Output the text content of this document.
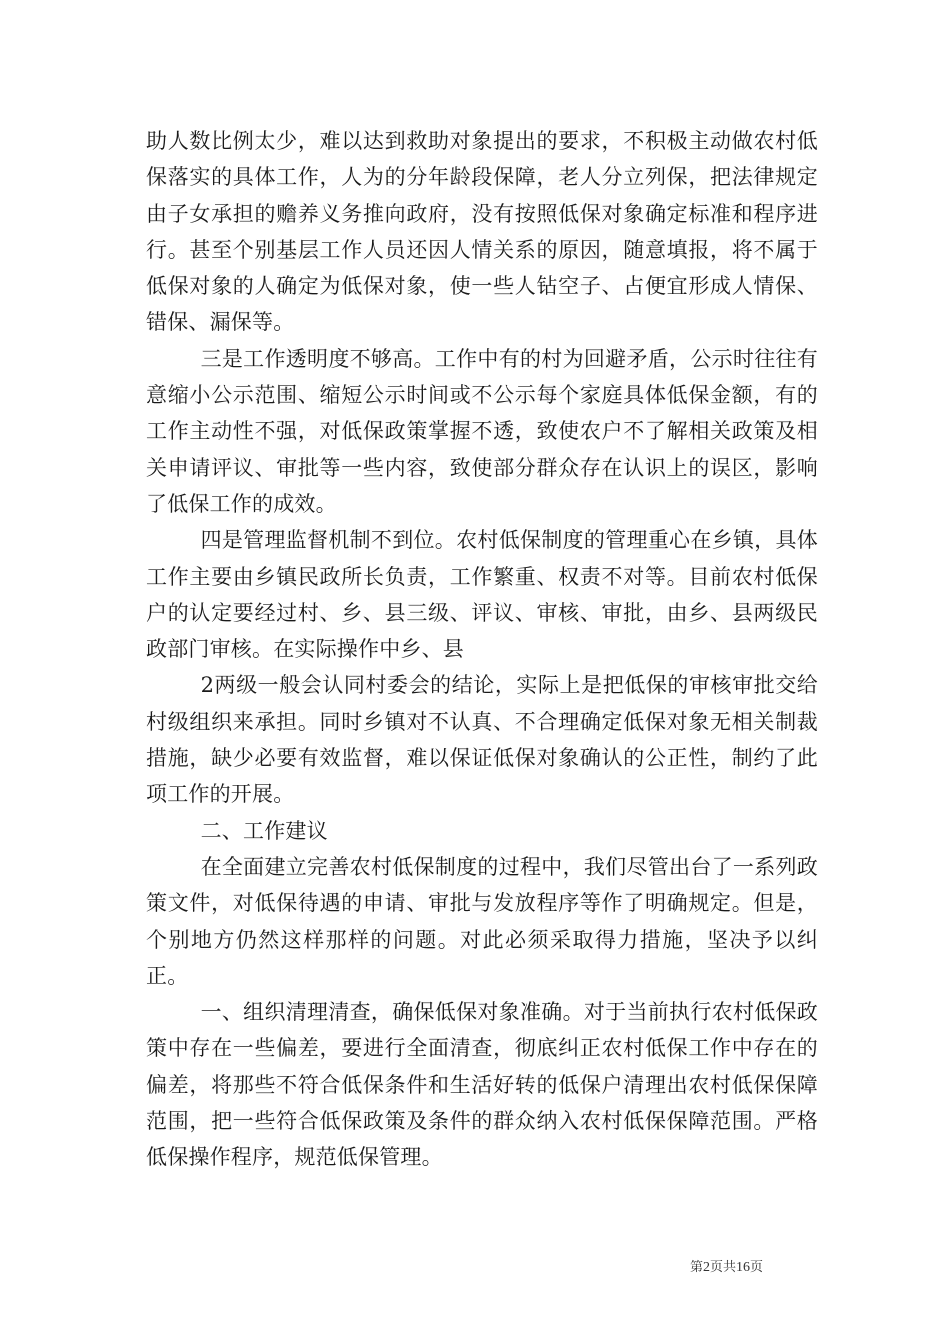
助人数比例太少，难以达到救助对象提出的要求，不积极主动做农村低保落实的具体工作，人为的分年龄段保障，老人分立列保，把法律规定由子女承担的赡养义务推向政府，没有按照低保对象确定标准和程序进行。甚至个别基层工作人员还因人情关系的原因，随意填报，将不属于低保对象的人确定为低保对象，使一些人钻空子、占便宜形成人情保、错保、漏保等。

三是工作透明度不够高。工作中有的村为回避矛盾，公示时往往有意缩小公示范围、缩短公示时间或不公示每个家庭具体低保金额，有的工作主动性不强，对低保政策掌握不透，致使农户不了解相关政策及相关申请评议、审批等一些内容，致使部分群众存在认识上的误区，影响了低保工作的成效。

四是管理监督机制不到位。农村低保制度的管理重心在乡镇，具体工作主要由乡镇民政所长负责，工作繁重、权责不对等。目前农村低保户的认定要经过村、乡、县三级、评议、审核、审批，由乡、县两级民政部门审核。在实际操作中乡、县

2两级一般会认同村委会的结论，实际上是把低保的审核审批交给村级组织来承担。同时乡镇对不认真、不合理确定低保对象无相关制裁措施，缺少必要有效监督，难以保证低保对象确认的公正性，制约了此项工作的开展。

二、工作建议

在全面建立完善农村低保制度的过程中，我们尽管出台了一系列政策文件，对低保待遇的申请、审批与发放程序等作了明确规定。但是，个别地方仍然这样那样的问题。对此必须采取得力措施，坚决予以纠正。

一、组织清理清查，确保低保对象准确。对于当前执行农村低保政策中存在一些偏差，要进行全面清查，彻底纠正农村低保工作中存在的偏差，将那些不符合低保条件和生活好转的低保户清理出农村低保保障范围，把一些符合低保政策及条件的群众纳入农村低保保障范围。严格低保操作程序，规范低保管理。

第2页共16页
